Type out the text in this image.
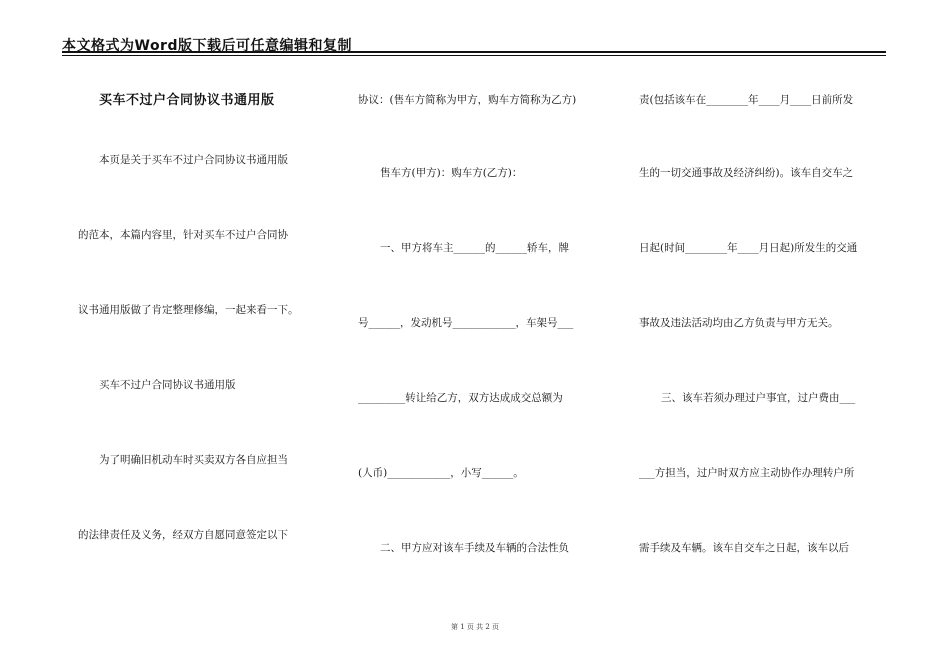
本文格式为Word版下载后可任意编辑和复制
买车不过户合同协议书通用版
本页是关于买车不过户合同协议书通用版
的范本，本篇内容里，针对买车不过户合同协
议书通用版做了肯定整理修编，一起来看一下。
买车不过户合同协议书通用版
为了明确旧机动车时买卖双方各自应担当
的法律责任及义务，经双方自愿同意签定以下
协议：(售车方简称为甲方，购车方简称为乙方)
售车方(甲方)：购车方(乙方)：
一、甲方将车主______的______轿车，牌
号______，发动机号____________，车架号___
_________转让给乙方，双方达成成交总额为
(人币)____________，小写______。
二、甲方应对该车手续及车辆的合法性负
责(包括该车在________年____月____日前所发
生的一切交通事故及经济纠纷)。该车自交车之
日起(时间________年____月日起)所发生的交通
事故及违法活动均由乙方负责与甲方无关。
三、该车若须办理过户事宜，过户费由___
___方担当，过户时双方应主动协作办理转户所
需手续及车辆。该车自交车之日起，该车以后
第 1 页 共 2 页
